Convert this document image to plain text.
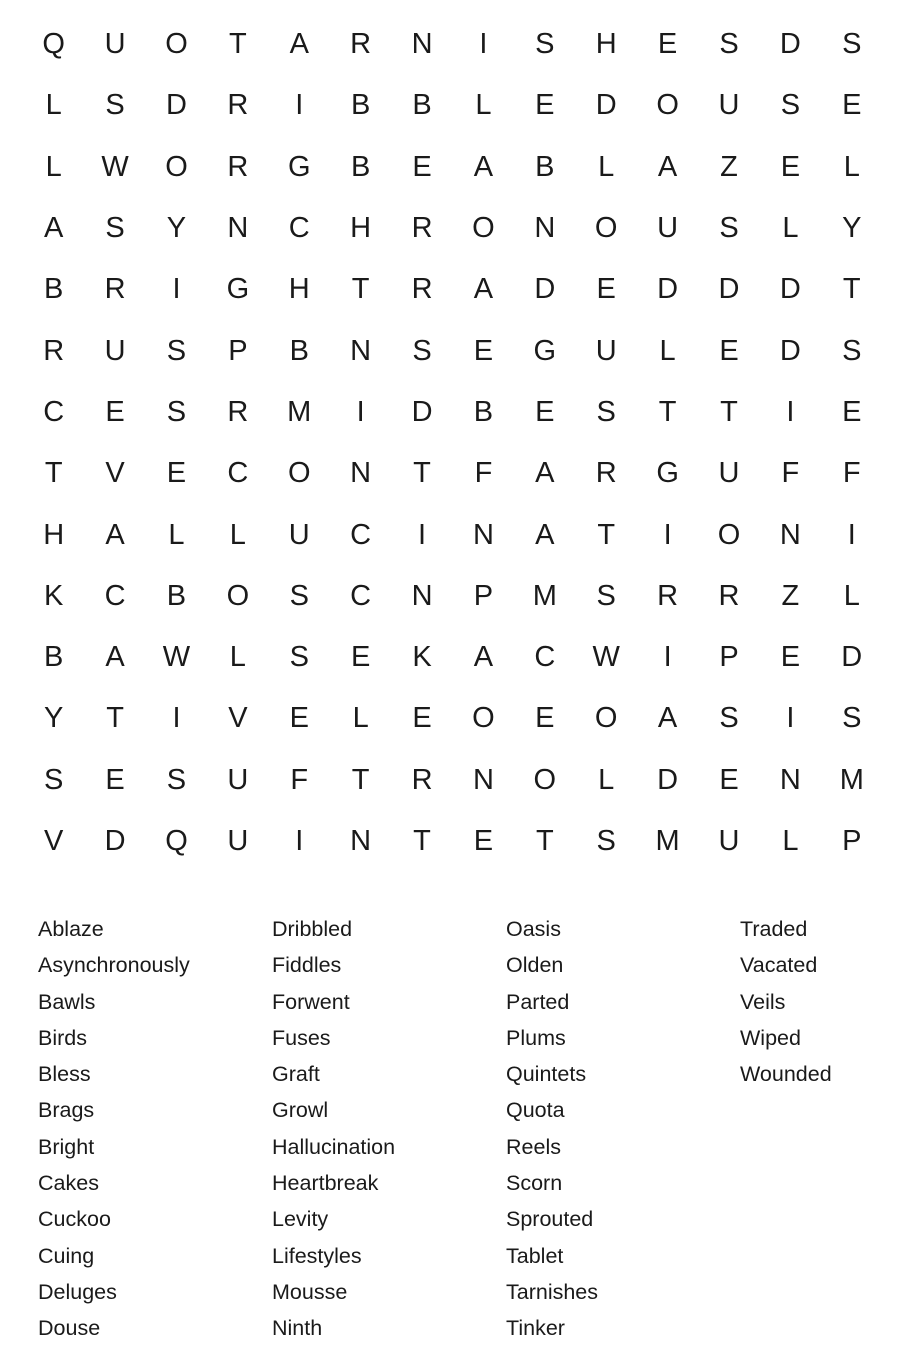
Q	U	O	T	A	R	N	I	S	H	E	S	D	S
L	S	D	R	I	B	B	L	E	D	O	U	S	E
L	W	O	R	G	B	E	A	B	L	A	Z	E	L
A	S	Y	N	C	H	R	O	N	O	U	S	L	Y
B	R	I	G	H	T	R	A	D	E	D	D	D	T
R	U	S	P	B	N	S	E	G	U	L	E	D	S
C	E	S	R	M	I	D	B	E	S	T	T	I	E
T	V	E	C	O	N	T	F	A	R	G	U	F	F
H	A	L	L	U	C	I	N	A	T	I	O	N	I
K	C	B	O	S	C	N	P	M	S	R	R	Z	L
B	A	W	L	S	E	K	A	C	W	I	P	E	D
Y	T	I	V	E	L	E	O	E	O	A	S	I	S
S	E	S	U	F	T	R	N	O	L	D	E	N	M
V	D	Q	U	I	N	T	E	T	S	M	U	L	P
Ablaze
Asynchronously
Bawls
Birds
Bless
Brags
Bright
Cakes
Cuckoo
Cuing
Deluges
Douse
Dribbled
Fiddles
Forwent
Fuses
Graft
Growl
Hallucination
Heartbreak
Levity
Lifestyles
Mousse
Ninth
Oasis
Olden
Parted
Plums
Quintets
Quota
Reels
Scorn
Sprouted
Tablet
Tarnishes
Tinker
Traded
Vacated
Veils
Wiped
Wounded
